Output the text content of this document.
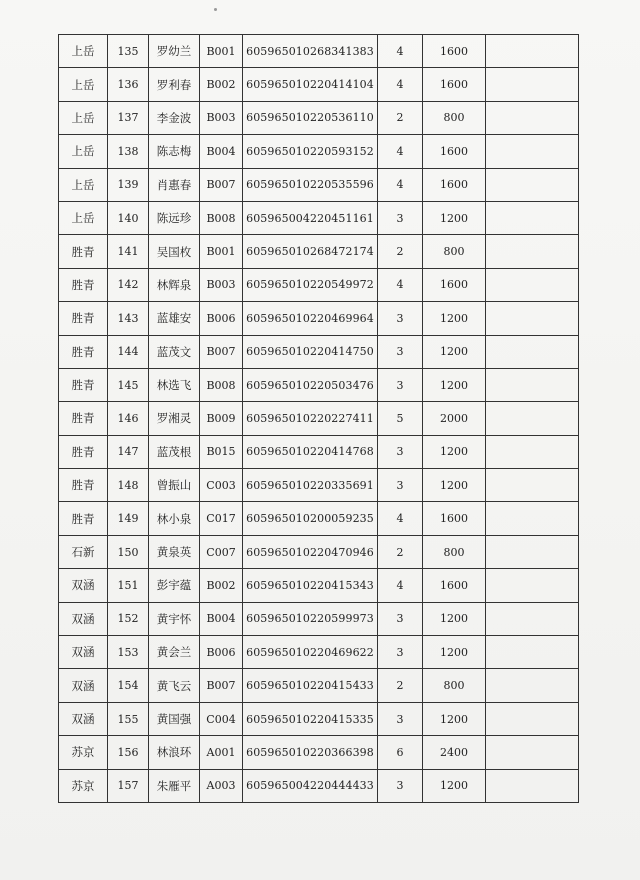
上岳	135	罗幼兰	B001	605965010268341383	4	1600	
上岳	136	罗利春	B002	605965010220414104	4	1600	
上岳	137	李金波	B003	605965010220536110	2	800	
上岳	138	陈志梅	B004	605965010220593152	4	1600	
上岳	139	肖惠春	B007	605965010220535596	4	1600	
上岳	140	陈远珍	B008	605965004220451161	3	1200	
胜青	141	吴国枚	B001	605965010268472174	2	800	
胜青	142	林辉泉	B003	605965010220549972	4	1600	
胜青	143	蓝雄安	B006	605965010220469964	3	1200	
胜青	144	蓝茂文	B007	605965010220414750	3	1200	
胜青	145	林选飞	B008	605965010220503476	3	1200	
胜青	146	罗湘灵	B009	605965010220227411	5	2000	
胜青	147	蓝茂根	B015	605965010220414768	3	1200	
胜青	148	曾振山	C003	605965010220335691	3	1200	
胜青	149	林小泉	C017	605965010200059235	4	1600	
石新	150	黄泉英	C007	605965010220470946	2	800	
双涵	151	彭宇蕴	B002	605965010220415343	4	1600	
双涵	152	黄宇怀	B004	605965010220599973	3	1200	
双涵	153	黄会兰	B006	605965010220469622	3	1200	
双涵	154	黄飞云	B007	605965010220415433	2	800	
双涵	155	黄国强	C004	605965010220415335	3	1200	
苏京	156	林浪环	A001	605965010220366398	6	2400	
苏京	157	朱雁平	A003	605965004220444433	3	1200	
